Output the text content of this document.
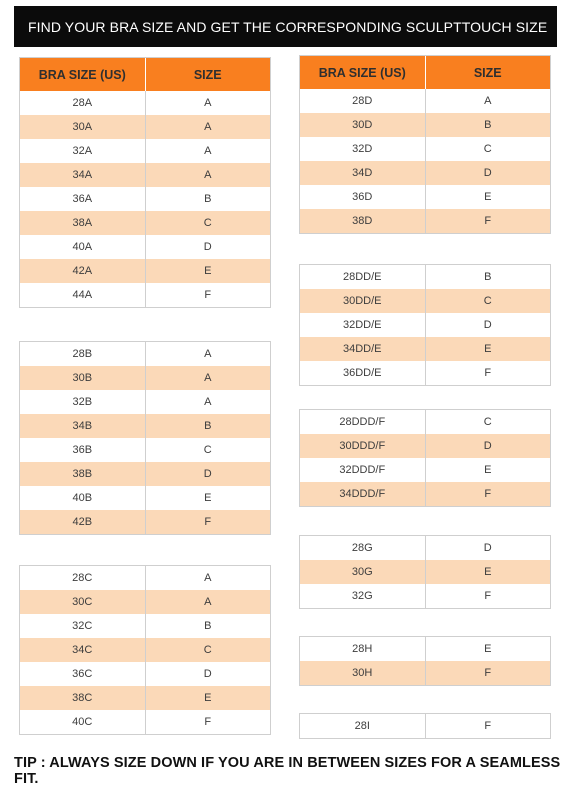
FIND YOUR BRA SIZE AND GET THE CORRESPONDING SCULPTTOUCH SIZE
BRA SIZE (US)	SIZE
28A	A
30A	A
32A	A
34A	A
36A	B
38A	C
40A	D
42A	E
44A	F
28B	A
30B	A
32B	A
34B	B
36B	C
38B	D
40B	E
42B	F
28C	A
30C	A
32C	B
34C	C
36C	D
38C	E
40C	F
BRA SIZE (US)	SIZE
28D	A
30D	B
32D	C
34D	D
36D	E
38D	F
28DD/E	B
30DD/E	C
32DD/E	D
34DD/E	E
36DD/E	F
28DDD/F	C
30DDD/F	D
32DDD/F	E
34DDD/F	F
28G	D
30G	E
32G	F
28H	E
30H	F
28I	F
TIP : ALWAYS SIZE DOWN IF YOU ARE IN BETWEEN SIZES FOR A SEAMLESS FIT.
